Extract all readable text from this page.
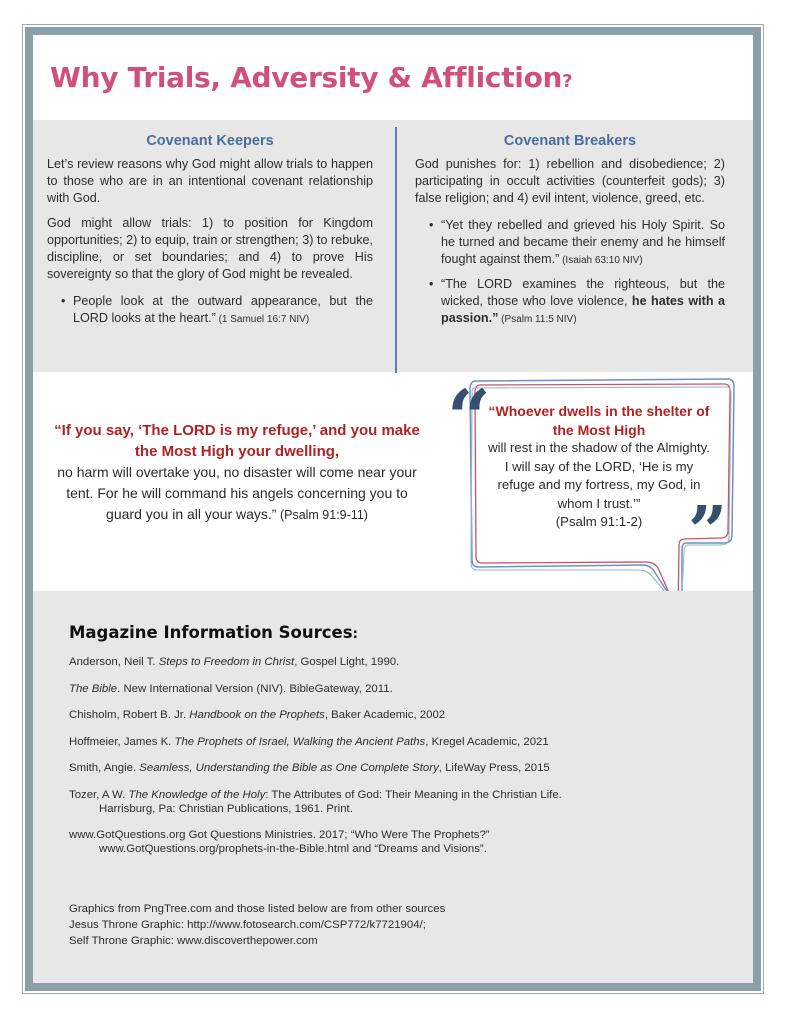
Why Trials, Adversity & Affliction?
Covenant Keepers

Let’s review reasons why God might allow trials to happen to those who are in an intentional covenant relationship with God.

God might allow trials: 1) to position for Kingdom opportunities; 2) to equip, train or strengthen; 3) to rebuke, discipline, or set boundaries; and 4) to prove His sovereignty so that the glory of God might be revealed.

• People look at the outward appearance, but the LORD looks at the heart.” (1 Samuel 16:7 NIV)
Covenant Breakers

God punishes for: 1) rebellion and disobedience; 2) participating in occult activities (counterfeit gods); 3) false religion; and 4) evil intent, violence, greed, etc.

• “Yet they rebelled and grieved his Holy Spirit. So he turned and became their enemy and he himself fought against them.” (Isaiah 63:10 NIV)
• “The LORD examines the righteous, but the wicked, those who love violence, he hates with a passion.” (Psalm 11:5 NIV)
“If you say, ‘The LORD is my refuge,’ and you make the Most High your dwelling,
no harm will overtake you, no disaster will come near your tent. For he will command his angels concerning you to guard you in all your ways.” (Psalm 91:9-11)
“
”
“Whoever dwells in the shelter of the Most High
will rest in the shadow of the Almighty. I will say of the LORD, ‘He is my refuge and my fortress, my God, in whom I trust.’”
(Psalm 91:1-2)
Magazine Information Sources:
Anderson, Neil T. Steps to Freedom in Christ, Gospel Light, 1990.
The Bible. New International Version (NIV). BibleGateway, 2011.
Chisholm, Robert B. Jr. Handbook on the Prophets, Baker Academic, 2002
Hoffmeier, James K. The Prophets of Israel, Walking the Ancient Paths, Kregel Academic, 2021
Smith, Angie. Seamless, Understanding the Bible as One Complete Story, LifeWay Press, 2015
Tozer, A W. The Knowledge of the Holy: The Attributes of God: Their Meaning in the Christian Life.
Harrisburg, Pa: Christian Publications, 1961. Print.
www.GotQuestions.org Got Questions Ministries. 2017; “Who Were The Prophets?”
www.GotQuestions.org/prophets-in-the-Bible.html and “Dreams and Visions”.
Graphics from PngTree.com and those listed below are from other sources
Jesus Throne Graphic: http://www.fotosearch.com/CSP772/k7721904/;
Self Throne Graphic: www.discoverthepower.com
